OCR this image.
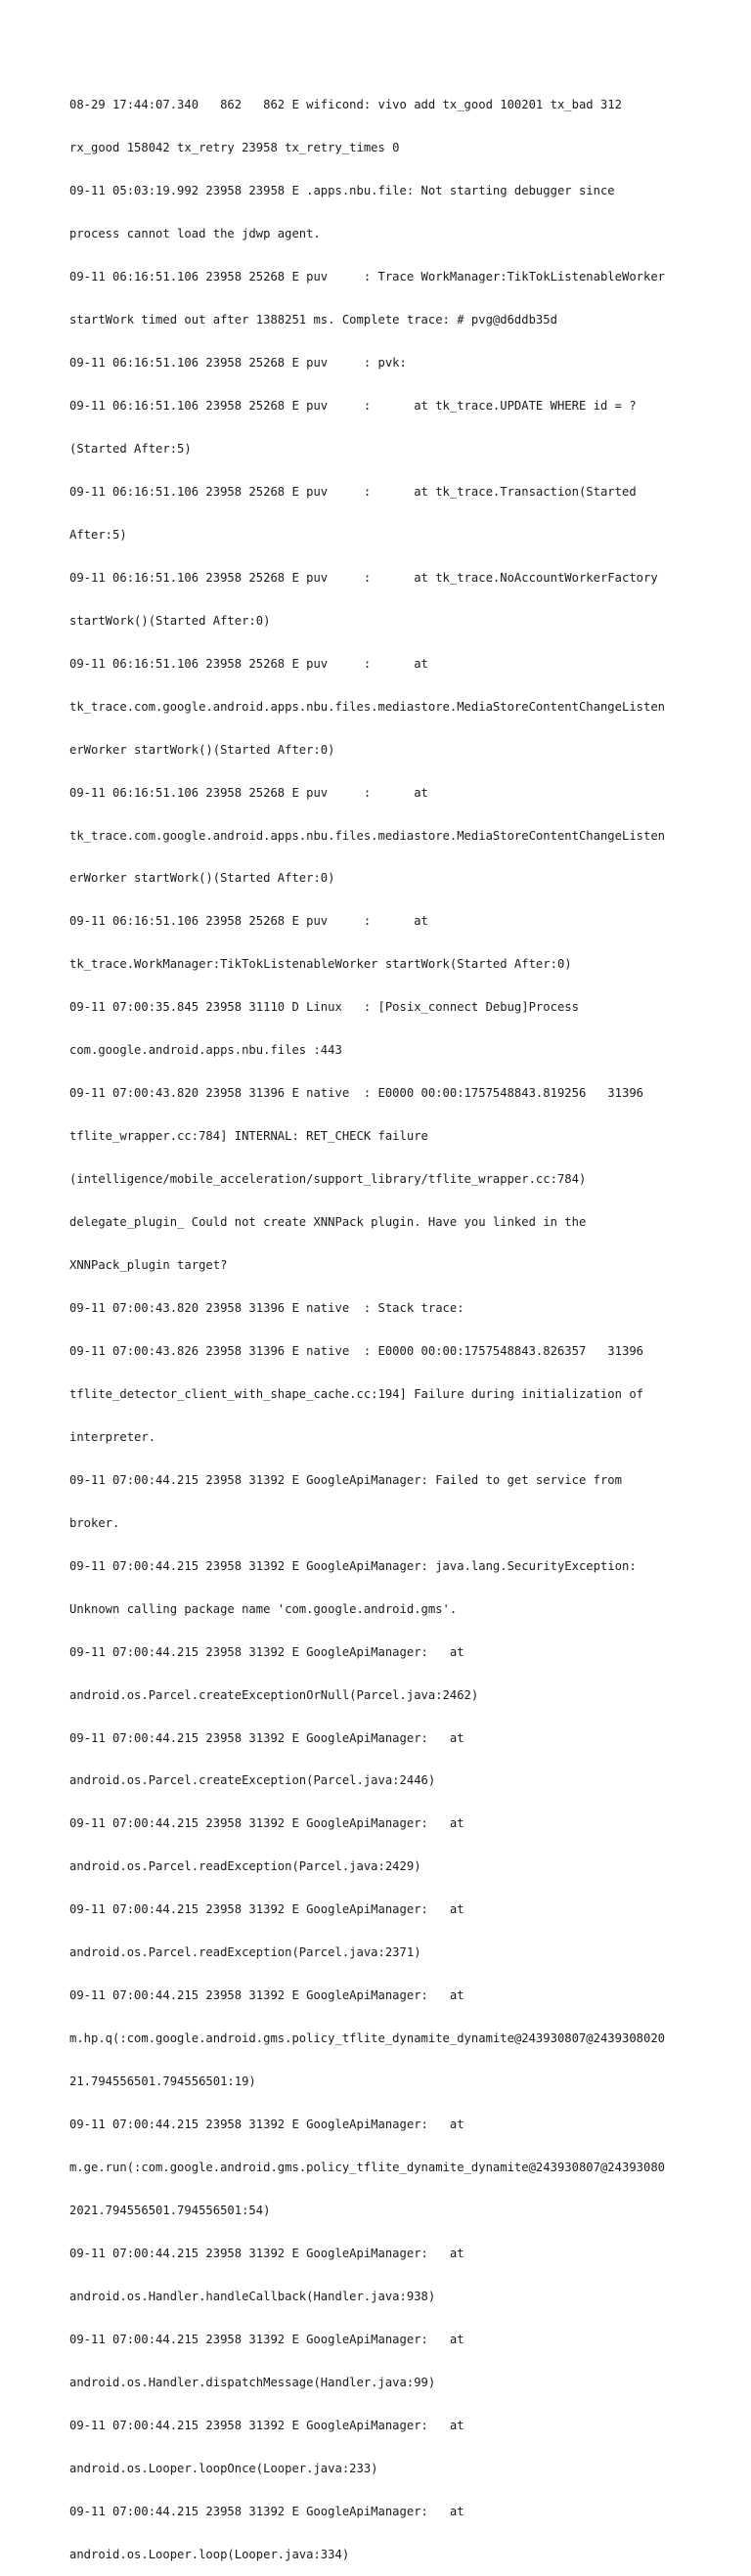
08-29 17:44:07.340   862   862 E wificond: vivo add tx_good 100201 tx_bad 312

rx_good 158042 tx_retry 23958 tx_retry_times 0

09-11 05:03:19.992 23958 23958 E .apps.nbu.file: Not starting debugger since

process cannot load the jdwp agent.

09-11 06:16:51.106 23958 25268 E puv     : Trace WorkManager:TikTokListenableWorker

startWork timed out after 1388251 ms. Complete trace: # pvg@d6ddb35d

09-11 06:16:51.106 23958 25268 E puv     : pvk:

09-11 06:16:51.106 23958 25268 E puv     :      at tk_trace.UPDATE WHERE id = ?

(Started After:5)

09-11 06:16:51.106 23958 25268 E puv     :      at tk_trace.Transaction(Started

After:5)

09-11 06:16:51.106 23958 25268 E puv     :      at tk_trace.NoAccountWorkerFactory

startWork()(Started After:0)

09-11 06:16:51.106 23958 25268 E puv     :      at

tk_trace.com.google.android.apps.nbu.files.mediastore.MediaStoreContentChangeListen

erWorker startWork()(Started After:0)

09-11 06:16:51.106 23958 25268 E puv     :      at

tk_trace.com.google.android.apps.nbu.files.mediastore.MediaStoreContentChangeListen

erWorker startWork()(Started After:0)

09-11 06:16:51.106 23958 25268 E puv     :      at

tk_trace.WorkManager:TikTokListenableWorker startWork(Started After:0)

09-11 07:00:35.845 23958 31110 D Linux   : [Posix_connect Debug]Process

com.google.android.apps.nbu.files :443

09-11 07:00:43.820 23958 31396 E native  : E0000 00:00:1757548843.819256   31396

tflite_wrapper.cc:784] INTERNAL: RET_CHECK failure

(intelligence/mobile_acceleration/support_library/tflite_wrapper.cc:784)

delegate_plugin_ Could not create XNNPack plugin. Have you linked in the

XNNPack_plugin target?

09-11 07:00:43.820 23958 31396 E native  : Stack trace:

09-11 07:00:43.826 23958 31396 E native  : E0000 00:00:1757548843.826357   31396

tflite_detector_client_with_shape_cache.cc:194] Failure during initialization of

interpreter.

09-11 07:00:44.215 23958 31392 E GoogleApiManager: Failed to get service from

broker.

09-11 07:00:44.215 23958 31392 E GoogleApiManager: java.lang.SecurityException:

Unknown calling package name 'com.google.android.gms'.

09-11 07:00:44.215 23958 31392 E GoogleApiManager:   at

android.os.Parcel.createExceptionOrNull(Parcel.java:2462)

09-11 07:00:44.215 23958 31392 E GoogleApiManager:   at

android.os.Parcel.createException(Parcel.java:2446)

09-11 07:00:44.215 23958 31392 E GoogleApiManager:   at

android.os.Parcel.readException(Parcel.java:2429)

09-11 07:00:44.215 23958 31392 E GoogleApiManager:   at

android.os.Parcel.readException(Parcel.java:2371)

09-11 07:00:44.215 23958 31392 E GoogleApiManager:   at

m.hp.q(:com.google.android.gms.policy_tflite_dynamite_dynamite@243930807@2439308020

21.794556501.794556501:19)

09-11 07:00:44.215 23958 31392 E GoogleApiManager:   at

m.ge.run(:com.google.android.gms.policy_tflite_dynamite_dynamite@243930807@24393080

2021.794556501.794556501:54)

09-11 07:00:44.215 23958 31392 E GoogleApiManager:   at

android.os.Handler.handleCallback(Handler.java:938)

09-11 07:00:44.215 23958 31392 E GoogleApiManager:   at

android.os.Handler.dispatchMessage(Handler.java:99)

09-11 07:00:44.215 23958 31392 E GoogleApiManager:   at

android.os.Looper.loopOnce(Looper.java:233)

09-11 07:00:44.215 23958 31392 E GoogleApiManager:   at

android.os.Looper.loop(Looper.java:334)
